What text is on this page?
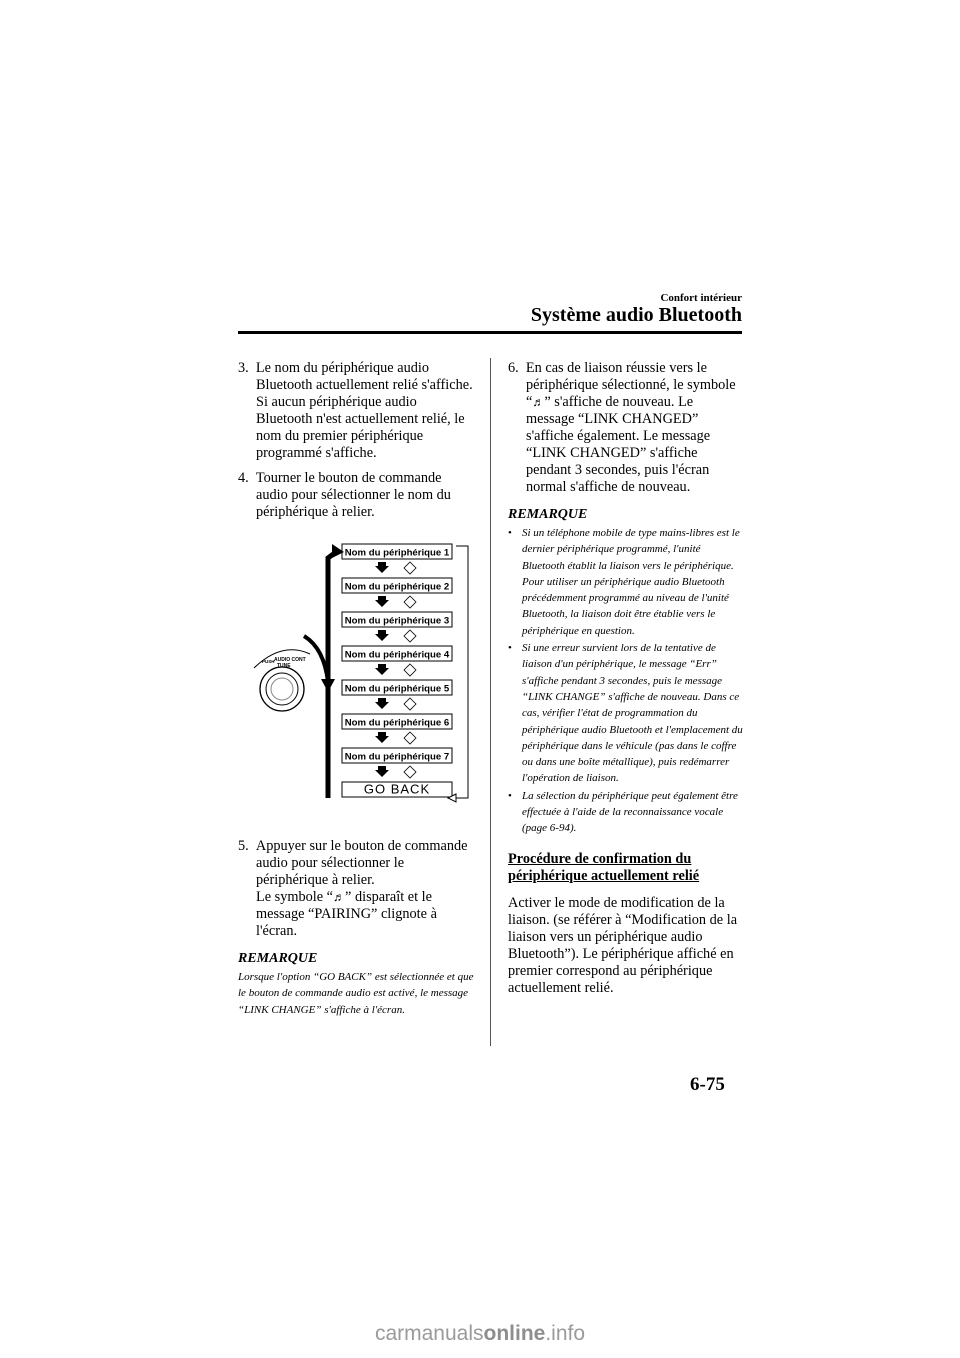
Confort intérieur
Système audio Bluetooth

3. Le nom du périphérique audio Bluetooth actuellement relié s'affiche. Si aucun périphérique audio Bluetooth n'est actuellement relié, le nom du premier périphérique programmé s'affiche.

4. Tourner le bouton de commande audio pour sélectionner le nom du périphérique à relier.

PUSH AUDIO CONT
TUNE
Nom du périphérique 1
Nom du périphérique 2
Nom du périphérique 3
Nom du périphérique 4
Nom du périphérique 5
Nom du périphérique 6
Nom du périphérique 7
GO BACK

5. Appuyer sur le bouton de commande audio pour sélectionner le périphérique à relier.
Le symbole “♬” disparaît et le message “PAIRING” clignote à l'écran.

REMARQUE

Lorsque l'option “GO BACK” est sélectionnée et que le bouton de commande audio est activé, le message “LINK CHANGE” s'affiche à l'écran.

6. En cas de liaison réussie vers le périphérique sélectionné, le symbole “♬” s'affiche de nouveau. Le message “LINK CHANGED” s'affiche également. Le message “LINK CHANGED” s'affiche pendant 3 secondes, puis l'écran normal s'affiche de nouveau.

REMARQUE

• Si un téléphone mobile de type mains-libres est le dernier périphérique programmé, l'unité Bluetooth établit la liaison vers le périphérique. Pour utiliser un périphérique audio Bluetooth précédemment programmé au niveau de l'unité Bluetooth, la liaison doit être établie vers le périphérique en question.
• Si une erreur survient lors de la tentative de liaison d'un périphérique, le message “Err” s'affiche pendant 3 secondes, puis le message “LINK CHANGE” s'affiche de nouveau. Dans ce cas, vérifier l'état de programmation du périphérique audio Bluetooth et l'emplacement du périphérique dans le véhicule (pas dans le coffre ou dans une boîte métallique), puis redémarrer l'opération de liaison.
• La sélection du périphérique peut également être effectuée à l'aide de la reconnaissance vocale (page 6-94).
Procédure de confirmation du
périphérique actuellement relié

Activer le mode de modification de la liaison. (se référer à “Modification de la liaison vers un périphérique audio Bluetooth”). Le périphérique affiché en premier correspond au périphérique actuellement relié.

6-75
carmanualsonline.info
